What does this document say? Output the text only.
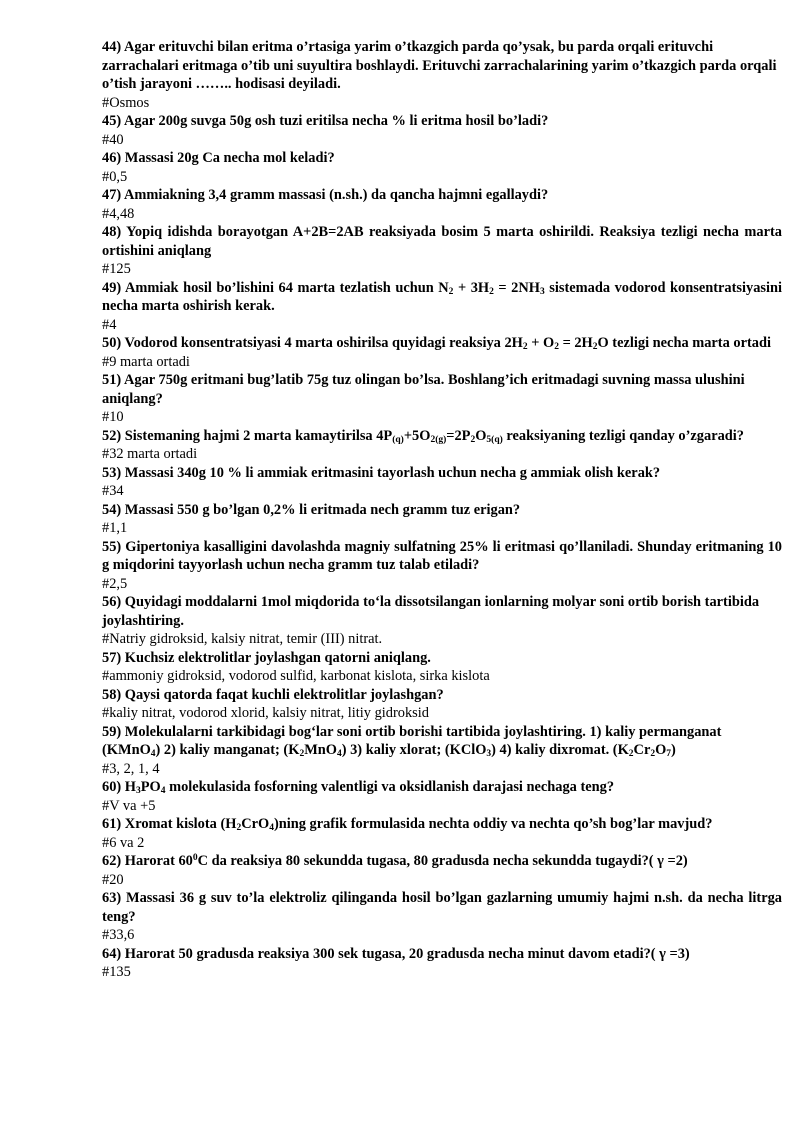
44) Agar erituvchi bilan eritma o’rtasiga yarim o’tkazgich parda qo’ysak, bu parda orqali erituvchi zarrachalari eritmaga o’tib uni suyultira boshlaydi. Erituvchi zarrachalarining yarim o’tkazgich parda orqali o’tish jarayoni …….. hodisasi deyiladi.

#Osmos

45) Agar 200g suvga 50g osh tuzi eritilsa necha % li eritma hosil bo’ladi?

#40

46) Massasi 20g Ca necha mol keladi?

#0,5

47) Ammiakning 3,4 gramm massasi (n.sh.) da qancha hajmni egallaydi?

#4,48

48) Yopiq idishda borayotgan A+2B=2AB reaksiyada bosim 5 marta oshirildi. Reaksiya tezligi necha marta ortishini aniqlang

#125

49) Ammiak hosil bo’lishini 64 marta tezlatish uchun $N_2 + 3H_2 = 2NH_3$ sistemada vodorod konsentratsiyasini necha marta oshirish kerak.

#4

50) Vodorod konsentratsiyasi 4 marta oshirilsa quyidagi reaksiya $2H_2 + O_2 = 2H_2O$ tezligi necha marta ortadi

#9 marta ortadi

51) Agar 750g eritmani bug’latib 75g tuz olingan bo’lsa. Boshlang’ich eritmadagi suvning massa ulushini aniqlang?

#10

52) Sistemaning hajmi 2 marta kamaytirilsa $4P_{(q)}+5O_{2(g)}=2P_2O_{5(q)}$ reaksiyaning tezligi qanday o’zgaradi?

#32 marta ortadi

53) Massasi 340g 10 % li ammiak eritmasini tayorlash uchun necha g ammiak olish kerak?

#34

54) Massasi 550 g bo’lgan 0,2% li eritmada nech gramm tuz erigan?

#1,1

55) Gipertoniya kasalligini davolashda magniy sulfatning 25% li eritmasi qo’llaniladi. Shunday eritmaning 10 g miqdorini tayyorlash uchun necha gramm tuz talab etiladi?

#2,5

56) Quyidagi moddalarni 1mol miqdorida to‘la dissotsilangan ionlarning molyar soni ortib borish tartibida joylashtiring.

#Natriy gidroksid, kalsiy nitrat, temir (III) nitrat.

57) Kuchsiz elektrolitlar joylashgan qatorni aniqlang.

#ammoniy gidroksid, vodorod sulfid, karbonat kislota, sirka kislota

58) Qaysi qatorda faqat kuchli elektrolitlar joylashgan?

#kaliy nitrat, vodorod xlorid, kalsiy nitrat, litiy gidroksid

59) Molekulalarni tarkibidagi bog‘lar soni ortib borishi tartibida joylashtiring. 1) kaliy permanganat (KMnO$_4$) 2) kaliy manganat; $(K_2MnO_4)$ 3) kaliy xlorat; (KClO$_3$) 4) kaliy dixromat. $(K_2Cr_2O_7)$

#3, 2, 1, 4

60) $H_3PO_4$ molekulasida fosforning valentligi va oksidlanish darajasi nechaga teng?

#V va +5

61) Xromat kislota $(H_2CrO_4)ning$ grafik formulasida nechta oddiy va nechta qo’sh bog’lar mavjud?

#6 va 2

62) Harorat $60^0C$ da reaksiya 80 sekundda tugasa, 80 gradusda necha sekundda tugaydi?( γ =2)

#20

63) Massasi 36 g suv to’la elektroliz qilinganda hosil bo’lgan gazlarning umumiy hajmi n.sh. da necha litrga teng?

#33,6

64) Harorat 50 gradusda reaksiya 300 sek tugasa, 20 gradusda necha minut davom etadi?( γ =3)

#135
